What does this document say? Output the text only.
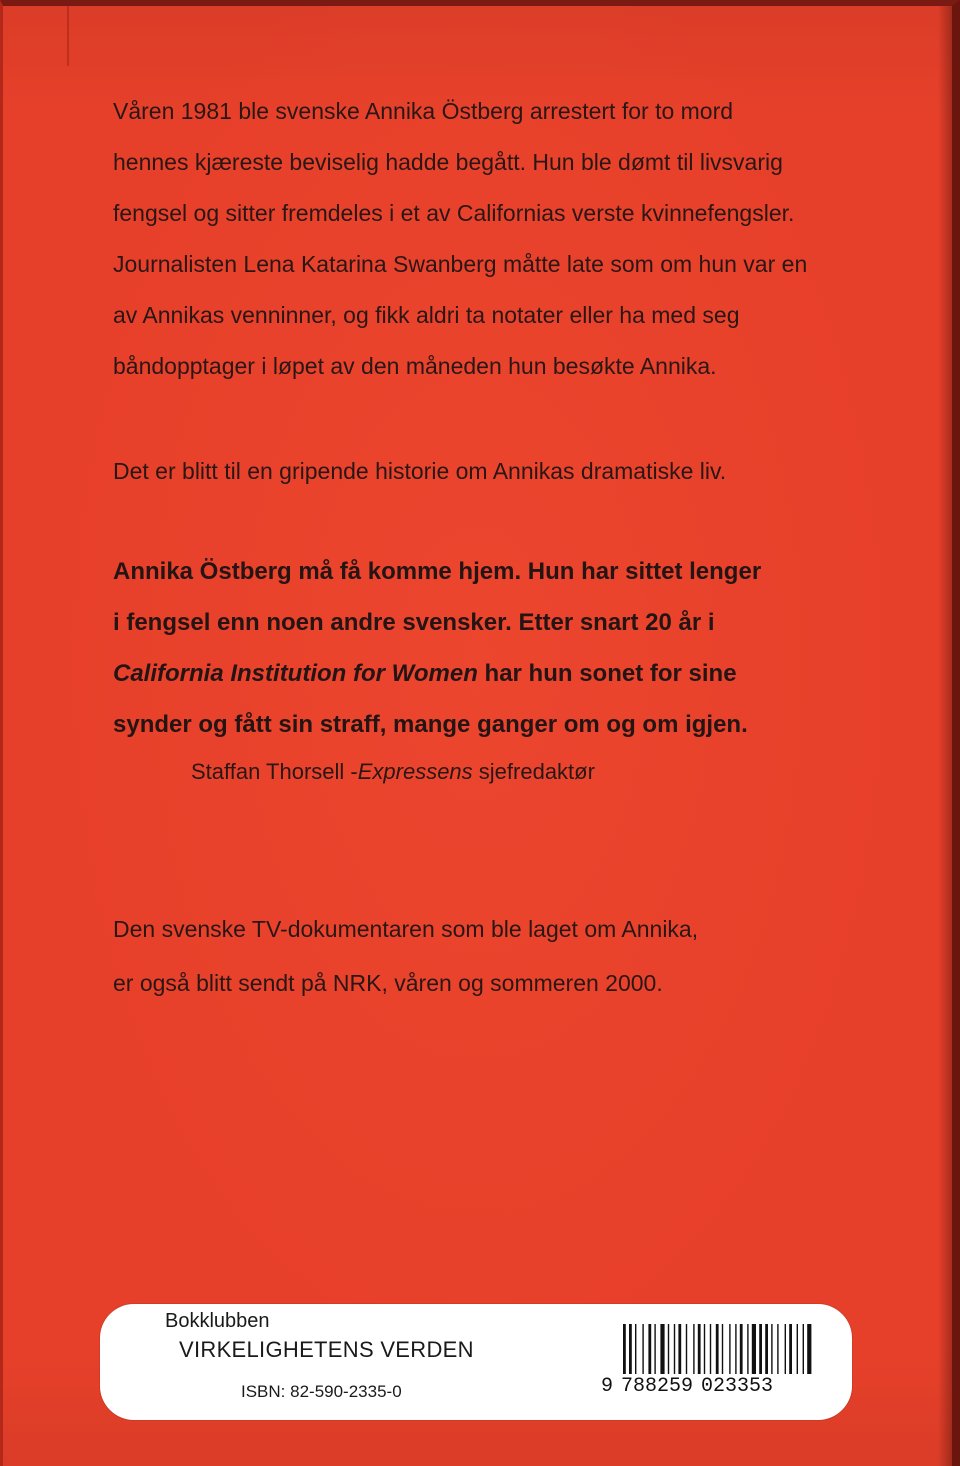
Våren 1981 ble svenske Annika Östberg arrestert for to mord
hennes kjæreste beviselig hadde begått. Hun ble dømt til livsvarig
fengsel og sitter fremdeles i et av Californias verste kvinnefengsler.
Journalisten Lena Katarina Swanberg måtte late som om hun var en
av Annikas venninner, og fikk aldri ta notater eller ha med seg
båndopptager i løpet av den måneden hun besøkte Annika.
Det er blitt til en gripende historie om Annikas dramatiske liv.
Annika Östberg må få komme hjem. Hun har sittet lenger
i fengsel enn noen andre svensker. Etter snart 20 år i
California Institution for Women har hun sonet for sine
synder og fått sin straff, mange ganger om og om igjen.
Staffan Thorsell -Expressens sjefredaktør
Den svenske TV-dokumentaren som ble laget om Annika,
er også blitt sendt på NRK, våren og sommeren 2000.
Bokklubben
VIRKELIGHETENS VERDEN
ISBN: 82-590-2335-0	9 788259 023353
